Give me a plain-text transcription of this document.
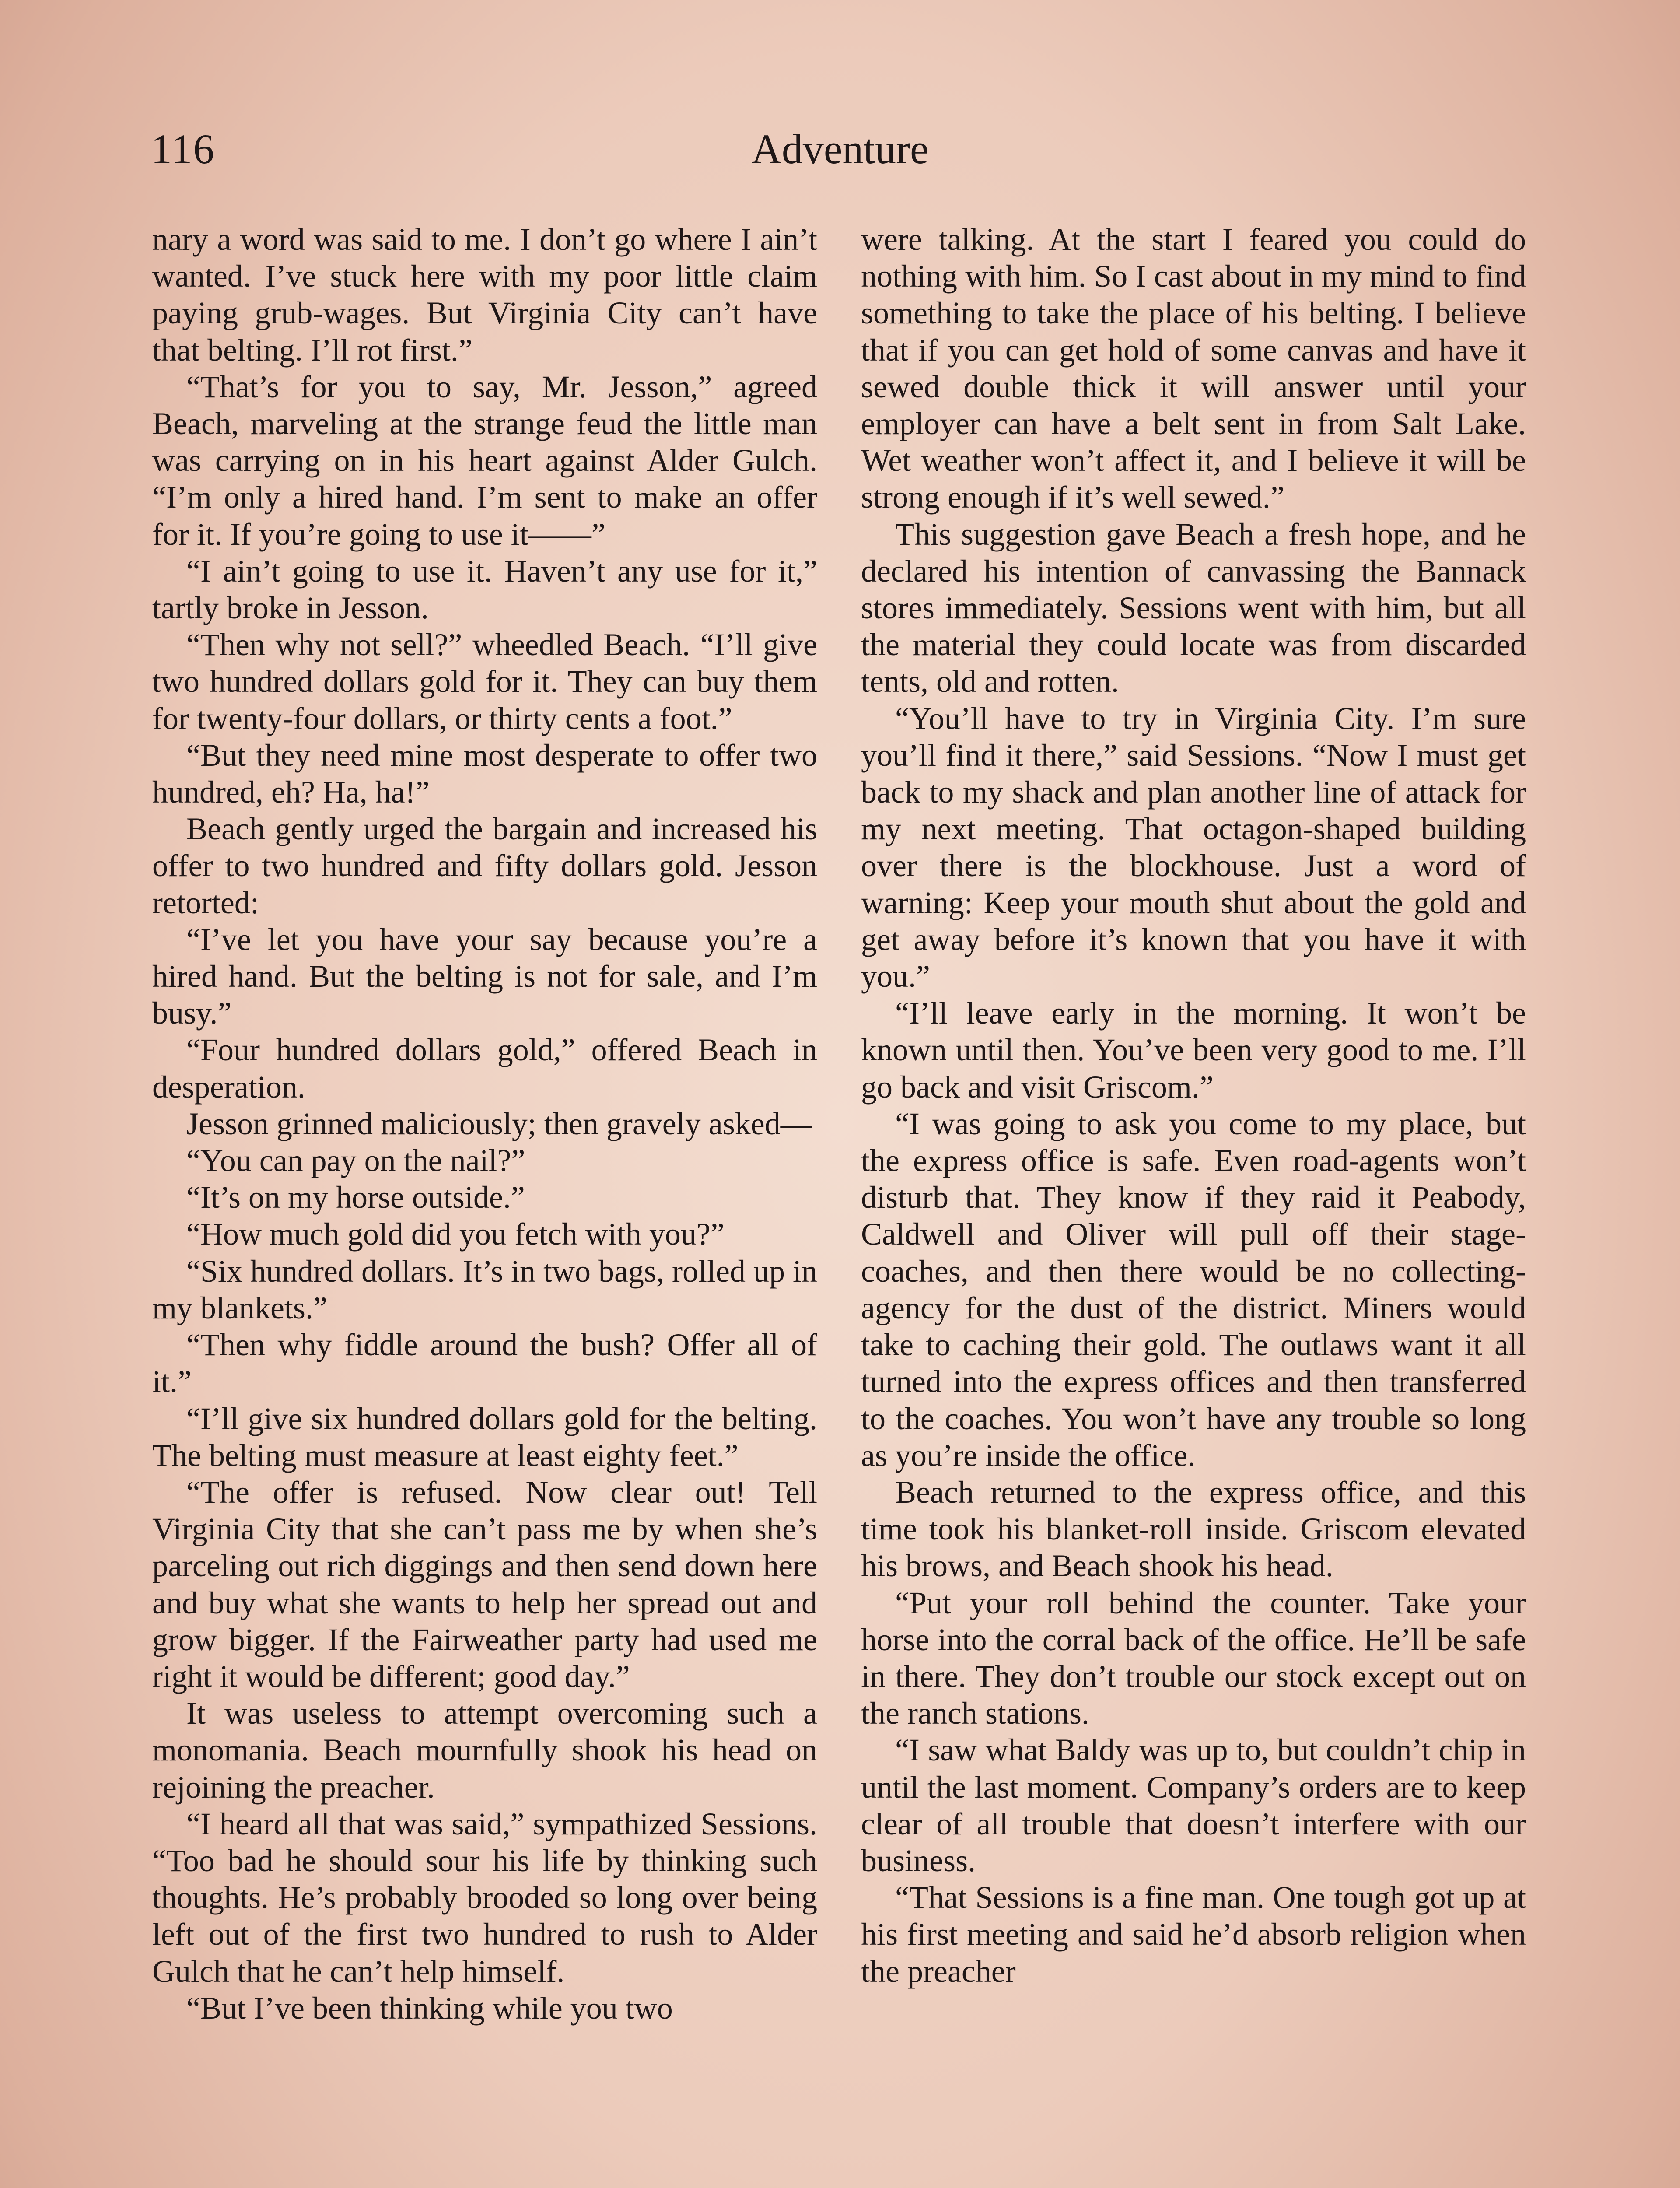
116	Adventure

nary a word was said to me. I don’t go where I ain’t wanted. I’ve stuck here with my poor little claim paying grub-wages. But Virginia City can’t have that belting. I’ll rot first.”

“That’s for you to say, Mr. Jesson,” agreed Beach, marveling at the strange feud the little man was carrying on in his heart against Alder Gulch. “I’m only a hired hand. I’m sent to make an offer for it. If you’re going to use it——”

“I ain’t going to use it. Haven’t any use for it,” tartly broke in Jesson.

“Then why not sell?” wheedled Beach. “I’ll give two hundred dollars gold for it. They can buy them for twenty-four dollars, or thirty cents a foot.”

“But they need mine most desperate to offer two hundred, eh? Ha, ha!”

Beach gently urged the bargain and increased his offer to two hundred and fifty dollars gold. Jesson retorted:

“I’ve let you have your say because you’re a hired hand. But the belting is not for sale, and I’m busy.”

“Four hundred dollars gold,” offered Beach in desperation.

Jesson grinned maliciously; then gravely asked—

“You can pay on the nail?”

“It’s on my horse outside.”

“How much gold did you fetch with you?”

“Six hundred dollars. It’s in two bags, rolled up in my blankets.”

“Then why fiddle around the bush? Offer all of it.”

“I’ll give six hundred dollars gold for the belting. The belting must measure at least eighty feet.”

“The offer is refused. Now clear out! Tell Virginia City that she can’t pass me by when she’s parceling out rich diggings and then send down here and buy what she wants to help her spread out and grow bigger. If the Fairweather party had used me right it would be different; good day.”

It was useless to attempt overcoming such a monomania. Beach mournfully shook his head on rejoining the preacher.

“I heard all that was said,” sympathized Sessions. “Too bad he should sour his life by thinking such thoughts. He’s probably brooded so long over being left out of the first two hundred to rush to Alder Gulch that he can’t help himself.

“But I’ve been thinking while you two

were talking. At the start I feared you could do nothing with him. So I cast about in my mind to find something to take the place of his belting. I believe that if you can get hold of some canvas and have it sewed double thick it will answer until your employer can have a belt sent in from Salt Lake. Wet weather won’t affect it, and I believe it will be strong enough if it’s well sewed.”

This suggestion gave Beach a fresh hope, and he declared his intention of canvassing the Bannack stores immediately. Sessions went with him, but all the material they could locate was from discarded tents, old and rotten.

“You’ll have to try in Virginia City. I’m sure you’ll find it there,” said Sessions. “Now I must get back to my shack and plan another line of attack for my next meeting. That octagon-shaped building over there is the blockhouse. Just a word of warning: Keep your mouth shut about the gold and get away before it’s known that you have it with you.”

“I’ll leave early in the morning. It won’t be known until then. You’ve been very good to me. I’ll go back and visit Griscom.”

“I was going to ask you come to my place, but the express office is safe. Even road-agents won’t disturb that. They know if they raid it Peabody, Caldwell and Oliver will pull off their stage-coaches, and then there would be no collecting-agency for the dust of the district. Miners would take to caching their gold. The outlaws want it all turned into the express offices and then transferred to the coaches. You won’t have any trouble so long as you’re inside the office.

Beach returned to the express office, and this time took his blanket-roll inside. Griscom elevated his brows, and Beach shook his head.

“Put your roll behind the counter. Take your horse into the corral back of the office. He’ll be safe in there. They don’t trouble our stock except out on the ranch stations.

“I saw what Baldy was up to, but couldn’t chip in until the last moment. Company’s orders are to keep clear of all trouble that doesn’t interfere with our business.

“That Sessions is a fine man. One tough got up at his first meeting and said he’d absorb religion when the preacher
